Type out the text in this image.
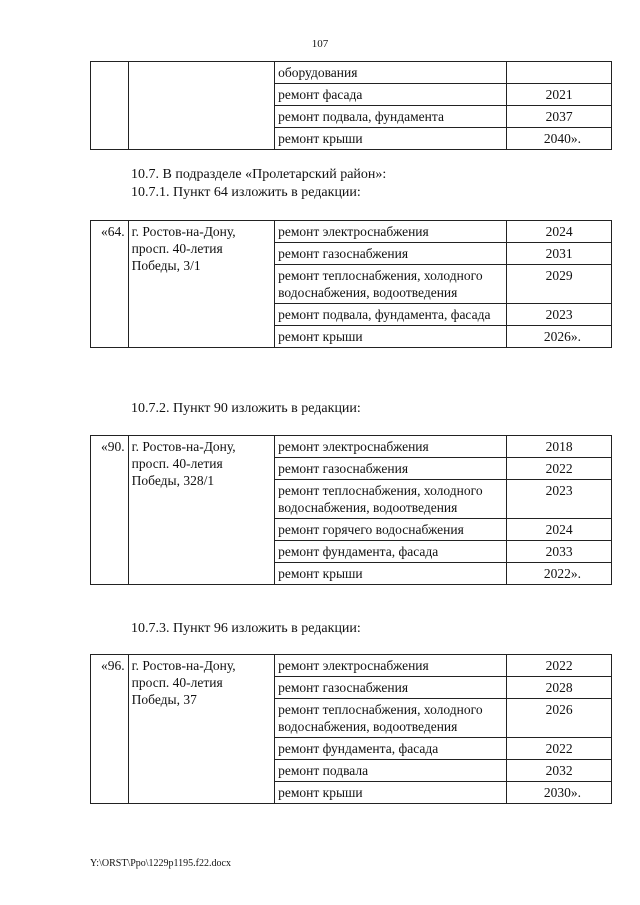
107
		оборудования	
		ремонт фасада	2021
		ремонт подвала, фундамента	2037
		ремонт крыши	2040».
10.7. В подразделе «Пролетарский район»:
10.7.1. Пункт 64 изложить в редакции:
«64.	г. Ростов-на-Дону, просп. 40-летия Победы, 3/1	ремонт электроснабжения	2024
		ремонт газоснабжения	2031
		ремонт теплоснабжения, холодного водоснабжения, водоотведения	2029
		ремонт подвала, фундамента, фасада	2023
		ремонт крыши	2026».
10.7.2. Пункт 90 изложить в редакции:
«90.	г. Ростов-на-Дону, просп. 40-летия Победы, 328/1	ремонт электроснабжения	2018
		ремонт газоснабжения	2022
		ремонт теплоснабжения, холодного водоснабжения, водоотведения	2023
		ремонт горячего водоснабжения	2024
		ремонт фундамента, фасада	2033
		ремонт крыши	2022».
10.7.3. Пункт 96 изложить в редакции:
«96.	г. Ростов-на-Дону, просп. 40-летия Победы, 37	ремонт электроснабжения	2022
		ремонт газоснабжения	2028
		ремонт теплоснабжения, холодного водоснабжения, водоотведения	2026
		ремонт фундамента, фасада	2022
		ремонт подвала	2032
		ремонт крыши	2030».
Y:\ORST\Ppo\1229p1195.f22.docx
